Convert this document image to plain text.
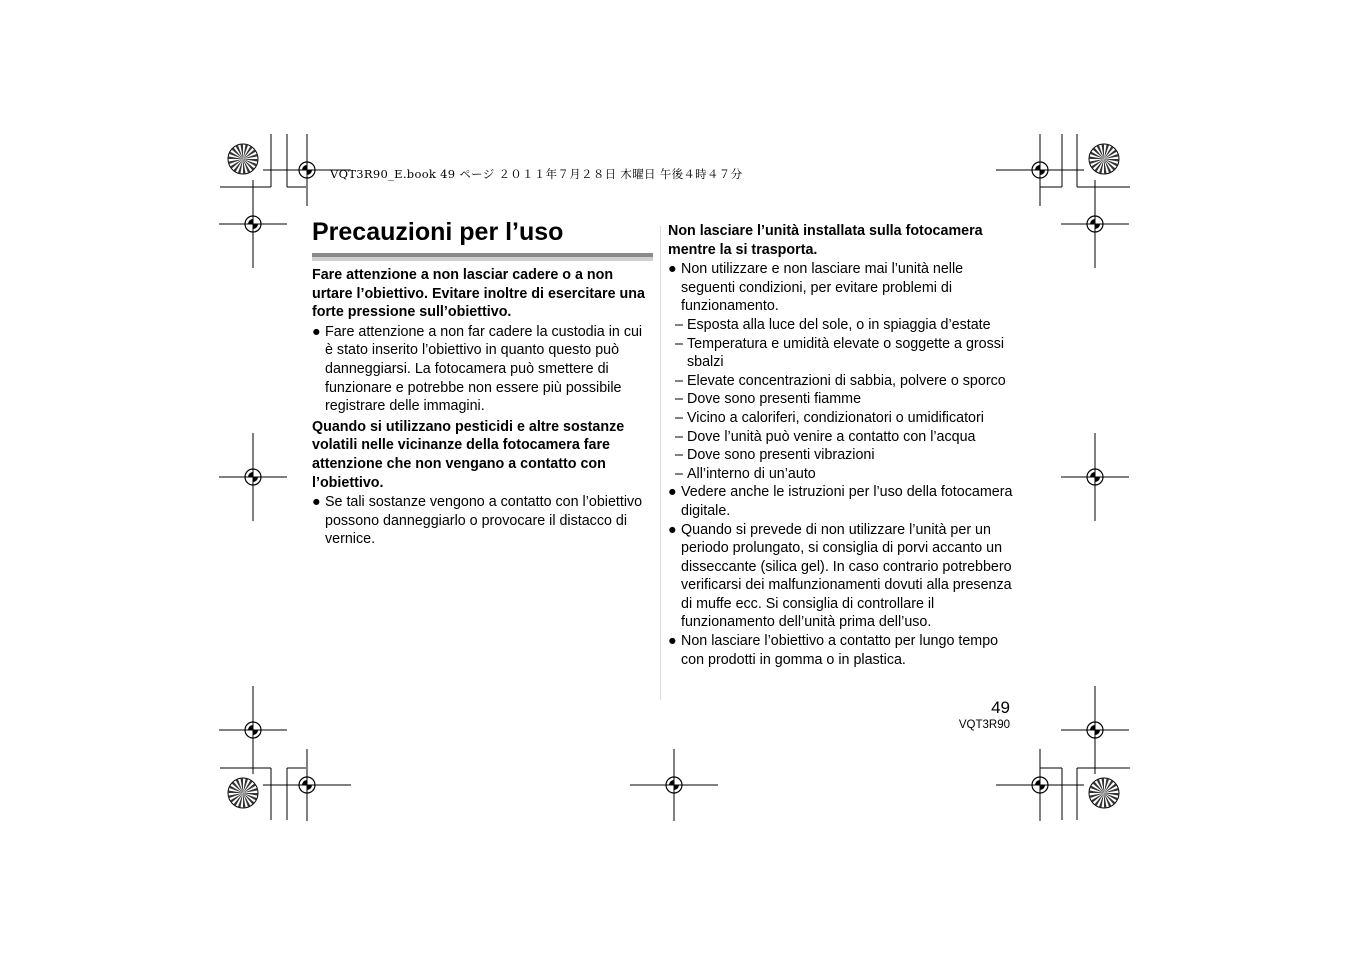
VQT3R90_E.book 49 ページ ２０１１年７月２８日 木曜日 午後４時４７分
Precauzioni per l’uso

Fare attenzione a non lasciar cadere o a non urtare l’obiettivo. Evitare inoltre di esercitare una forte pressione sull’obiettivo.

● Fare attenzione a non far cadere la custodia in cui è stato inserito l’obiettivo in quanto questo può danneggiarsi. La fotocamera può smettere di funzionare e potrebbe non essere più possibile registrare delle immagini.

Quando si utilizzano pesticidi e altre sostanze volatili nelle vicinanze della fotocamera fare attenzione che non vengano a contatto con l’obiettivo.

● Se tali sostanze vengono a contatto con l’obiettivo possono danneggiarlo o provocare il distacco di vernice.

Non lasciare l’unità installata sulla fotocamera mentre la si trasporta.

● Non utilizzare e non lasciare mai l’unità nelle seguenti condizioni, per evitare problemi di funzionamento.

– Esposta alla luce del sole, o in spiaggia d’estate

– Temperatura e umidità elevate o soggette a grossi sbalzi

– Elevate concentrazioni di sabbia, polvere o sporco

– Dove sono presenti fiamme

– Vicino a caloriferi, condizionatori o umidificatori

– Dove l’unità può venire a contatto con l’acqua

– Dove sono presenti vibrazioni

– All’interno di un’auto

● Vedere anche le istruzioni per l’uso della fotocamera digitale.

● Quando si prevede di non utilizzare l’unità per un periodo prolungato, si consiglia di porvi accanto un disseccante (silica gel). In caso contrario potrebbero verificarsi dei malfunzionamenti dovuti alla presenza di muffe ecc. Si consiglia di controllare il funzionamento dell’unità prima dell’uso.

● Non lasciare l’obiettivo a contatto per lungo tempo con prodotti in gomma o in plastica.

49
VQT3R90
